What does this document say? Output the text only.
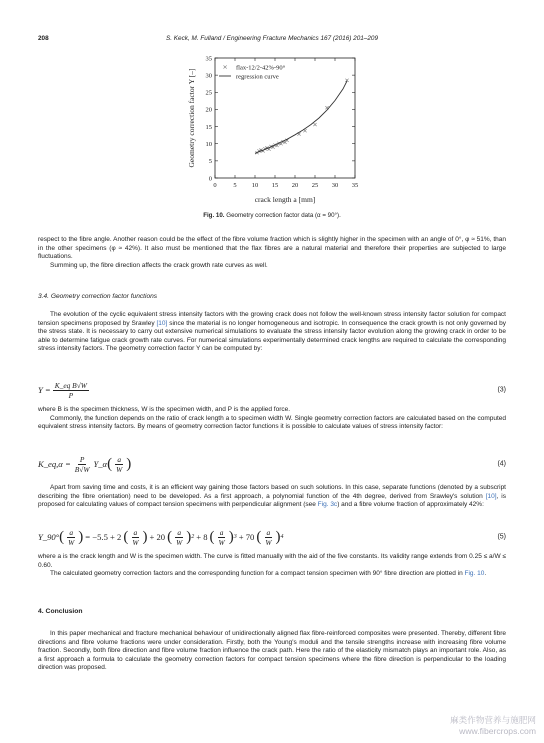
208	S. Keck, M. Fulland / Engineering Fracture Mechanics 167 (2016) 201–209
crack length a [mm]
Geometry correction factor Y [–]
0	5 10 15 20 25 30 35
0
5
10
15
20
25
30
35
flax-12/2-42%-90°
regression curve
Fig. 10. Geometry correction factor data (α = 90°).
respect to the fibre angle. Another reason could be the effect of the fibre volume fraction which is slightly higher in the specimen with an angle of 0°, φ ≈ 51%, than in the other specimens (φ ≈ 42%). It also must be mentioned that the flax fibres are a natural material and therefore their properties are subjected to large fluctuations.
Summing up, the fibre direction affects the crack growth rate curves as well.
3.4. Geometry correction factor functions
The evolution of the cyclic equivalent stress intensity factors with the growing crack does not follow the well-known stress intensity factor solution for compact tension specimens proposed by Srawley [10] since the material is no longer homogeneous and isotropic. In consequence the crack growth is not only governed by the stress state. It is necessary to carry out extensive numerical simulations to evaluate the stress intensity factor evolution along the growing crack in order to be able to determine fatigue crack growth rate curves. For numerical simulations experimentally determined crack lengths are required to calculate the corresponding stress intensity factors. The geometry correction factor Y can be computed by:
$Y = \frac{\text{K\_eq B√W}}{P}$	(3)
where B is the specimen thickness, W is the specimen width, and P is the applied force.
Commonly, the function depends on the ratio of crack length a to specimen width W. Single geometry correction factors are calculated based on the computed equivalent stress intensity factors. By means of geometry correction factor functions it is possible to calculate values of stress intensity factor:
K_eq,α = $\frac{P}{B√W}$ Y_α ( $\frac{a}{W}$ )	(4)
Apart from saving time and costs, it is an efficient way gaining those factors based on such solutions. In this case, separate functions (denoted by a subscript describing the fibre orientation) need to be developed. As a first approach, a polynomial function of the 4th degree, derived from Srawley's solution [10], is proposed for calculating values of compact tension specimens with perpendicular alignment (see Fig. 3c) and a fibre volume fraction of approximately 42%:
Y_90° ( a
W ) = −5.5 + 2 ( a
W ) + 20 ( a
W ) 2 + 8 ( a
W ) 3 + 70 ( a
W ) 4	(5)
where a is the crack length and W is the specimen width. The curve is fitted manually with the aid of the five constants. Its validity range extends from 0.25 ≤ a/W ≤ 0.60.
The calculated geometry correction factors and the corresponding function for a compact tension specimen with 90° fibre direction are plotted in Fig. 10.
4. Conclusion
In this paper mechanical and fracture mechanical behaviour of unidirectionally aligned flax fibre-reinforced composites were presented. Thereby, different fibre directions and fibre volume fractions were under consideration. Firstly, both the Young's moduli and the tensile strengths increase with increasing fibre volume fraction. Secondly, both fibre direction and fibre volume fraction influence the crack path. Here the ratio of the elasticity mismatch plays an important role. Also, as a first approach a formula to calculate the geometry correction factors for compact tension specimens where the fibre direction is perpendicular to the loading direction was proposed.
麻类作物营养与施肥网
www.fibercrops.com
